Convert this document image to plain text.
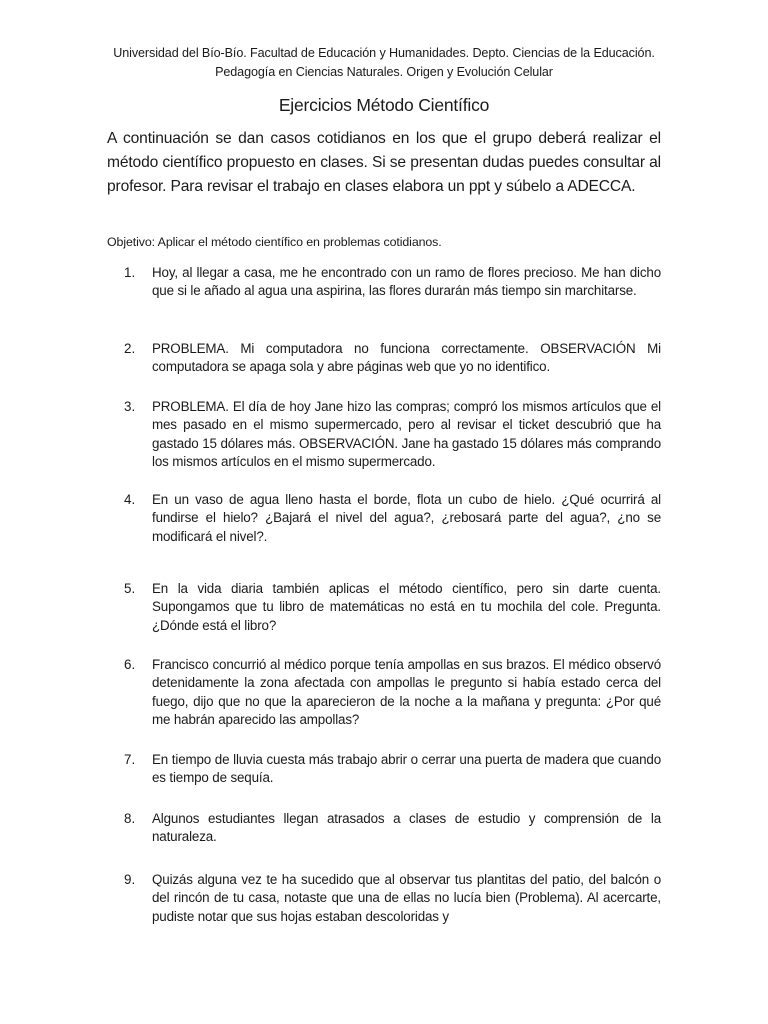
Universidad del Bío-Bío. Facultad de Educación y Humanidades. Depto. Ciencias de la Educación.
Pedagogía en Ciencias Naturales. Origen y Evolución Celular
Ejercicios Método Científico
A continuación se dan casos cotidianos en los que el grupo deberá realizar el método científico propuesto en clases. Si se presentan dudas puedes consultar al profesor. Para revisar el trabajo en clases elabora un ppt y súbelo a ADECCA.
Objetivo: Aplicar el método científico en problemas cotidianos.
1.	Hoy, al llegar a casa, me he encontrado con un ramo de flores precioso. Me han dicho que si le añado al agua una aspirina, las flores durarán más tiempo sin marchitarse.
2.	PROBLEMA. Mi computadora no funciona correctamente. OBSERVACIÓN Mi computadora se apaga sola y abre páginas web que yo no identifico.
3.	PROBLEMA. El día de hoy Jane hizo las compras; compró los mismos artículos que el mes pasado en el mismo supermercado, pero al revisar el ticket descubrió que ha gastado 15 dólares más. OBSERVACIÓN. Jane ha gastado 15 dólares más comprando los mismos artículos en el mismo supermercado.
4.	En un vaso de agua lleno hasta el borde, flota un cubo de hielo. ¿Qué ocurrirá al fundirse el hielo? ¿Bajará el nivel del agua?, ¿rebosará parte del agua?, ¿no se modificará el nivel?.
5.	En la vida diaria también aplicas el método científico, pero sin darte cuenta. Supongamos que tu libro de matemáticas no está en tu mochila del cole. Pregunta. ¿Dónde está el libro?
6.	Francisco concurrió al médico porque tenía ampollas en sus brazos. El médico observó detenidamente la zona afectada con ampollas le pregunto si había estado cerca del fuego, dijo que no que la aparecieron de la noche a la mañana y pregunta: ¿Por qué me habrán aparecido las ampollas?
7.	En tiempo de lluvia cuesta más trabajo abrir o cerrar una puerta de madera que cuando es tiempo de sequía.
8.	Algunos estudiantes llegan atrasados a clases de estudio y comprensión de la naturaleza.
9.	Quizás alguna vez te ha sucedido que al observar tus plantitas del patio, del balcón o del rincón de tu casa, notaste que una de ellas no lucía bien (Problema). Al acercarte, pudiste notar que sus hojas estaban descoloridas y
